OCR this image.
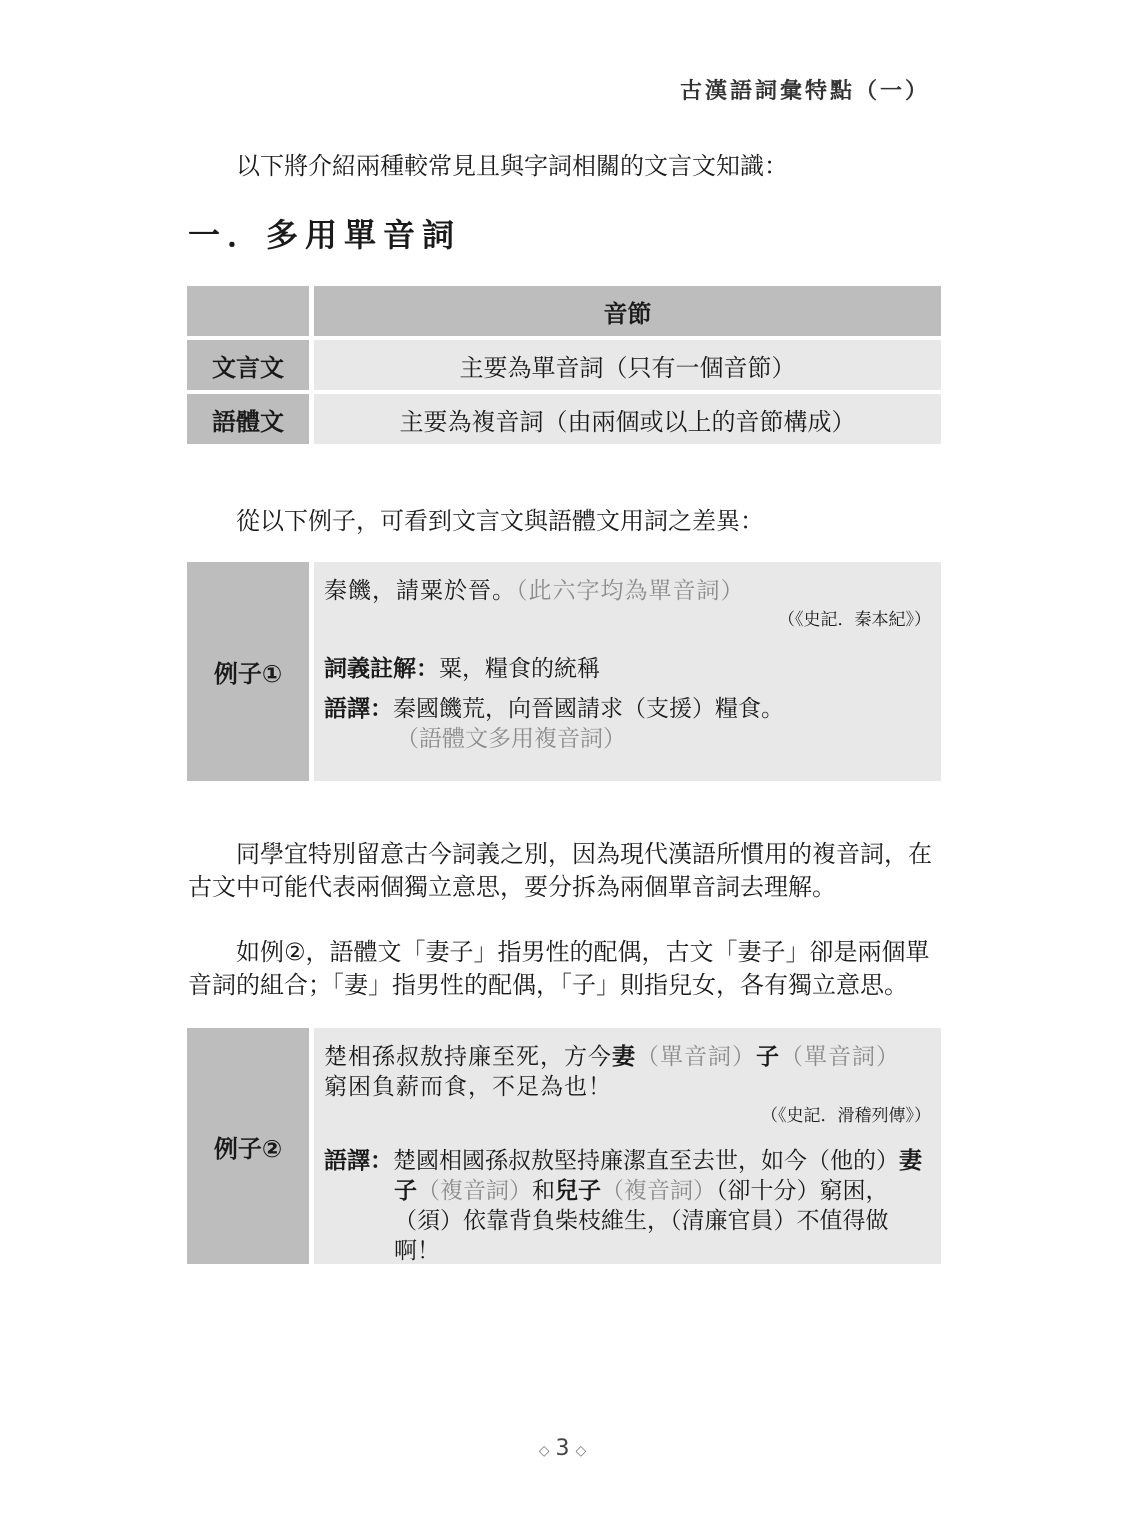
古漢語詞彙特點（一）

以下將介紹兩種較常見且與字詞相關的文言文知識：

一．多用單音詞
音節
文言文	主要為單音詞（只有一個音節）
語體文	主要為複音詞（由兩個或以上的音節構成）

從以下例子，可看到文言文與語體文用詞之差異：

例子①
秦饑，請粟於晉。（此六字均為單音詞）
（《史記．秦本紀》）
詞義註解：粟，糧食的統稱
語譯：秦國饑荒，向晉國請求（支援）糧食。
（語體文多用複音詞）

同學宜特別留意古今詞義之別，因為現代漢語所慣用的複音詞，在古文中可能代表兩個獨立意思，要分拆為兩個單音詞去理解。

如例②，語體文「妻子」指男性的配偶，古文「妻子」卻是兩個單音詞的組合；「妻」指男性的配偶，「子」則指兒女，各有獨立意思。

例子②
楚相孫叔敖持廉至死，方今妻（單音詞）子（單音詞）
窮困負薪而食，不足為也！
（《史記．滑稽列傳》）
語譯：楚國相國孫叔敖堅持廉潔直至去世，如今（他的）妻子（複音詞）和兒子（複音詞）（卻十分）窮困，（須）依靠背負柴枝維生，（清廉官員）不值得做啊！
◇ 3 ◇
